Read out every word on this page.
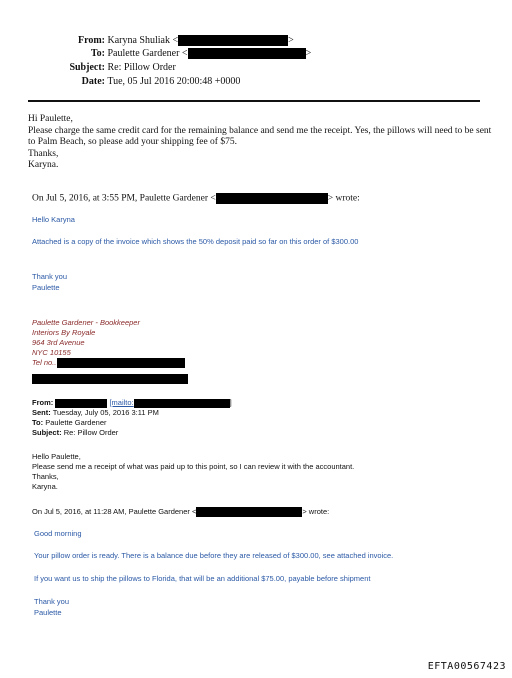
From: Karyna Shuliak <	>
To: Paulette Gardener <	>
Subject: Re: Pillow Order
Date: Tue, 05 Jul 2016 20:00:48 +0000
Hi Paulette,
Please charge the same credit card for the remaining balance and send me the receipt. Yes, the pillows will need to be sent to Palm Beach, so please add your shipping fee of $75.
Thanks,
Karyna.
On Jul 5, 2016, at 3:55 PM, Paulette Gardener <	> wrote:
Hello Karyna
Attached is a copy of the invoice which shows the 50% deposit paid so far on this order of $300.00
Thank you
Paulette
Paulette Gardener - Bookkeeper
Interiors By Royale
964 3rd Avenue
NYC 10155
Tel no..
From:	[mailto:	]
Sent: Tuesday, July 05, 2016 3:11 PM
To: Paulette Gardener
Subject: Re: Pillow Order
Hello Paulette,
Please send me a receipt of what was paid up to this point, so I can review it with the accountant.
Thanks,
Karyna.
On Jul 5, 2016, at 11:28 AM, Paulette Gardener <	> wrote:
Good morning
Your pillow order is ready. There is a balance due before they are released of $300.00, see attached invoice.
If you want us to ship the pillows to Florida, that will be an additional $75.00, payable before shipment
Thank you
Paulette
EFTA00567423
